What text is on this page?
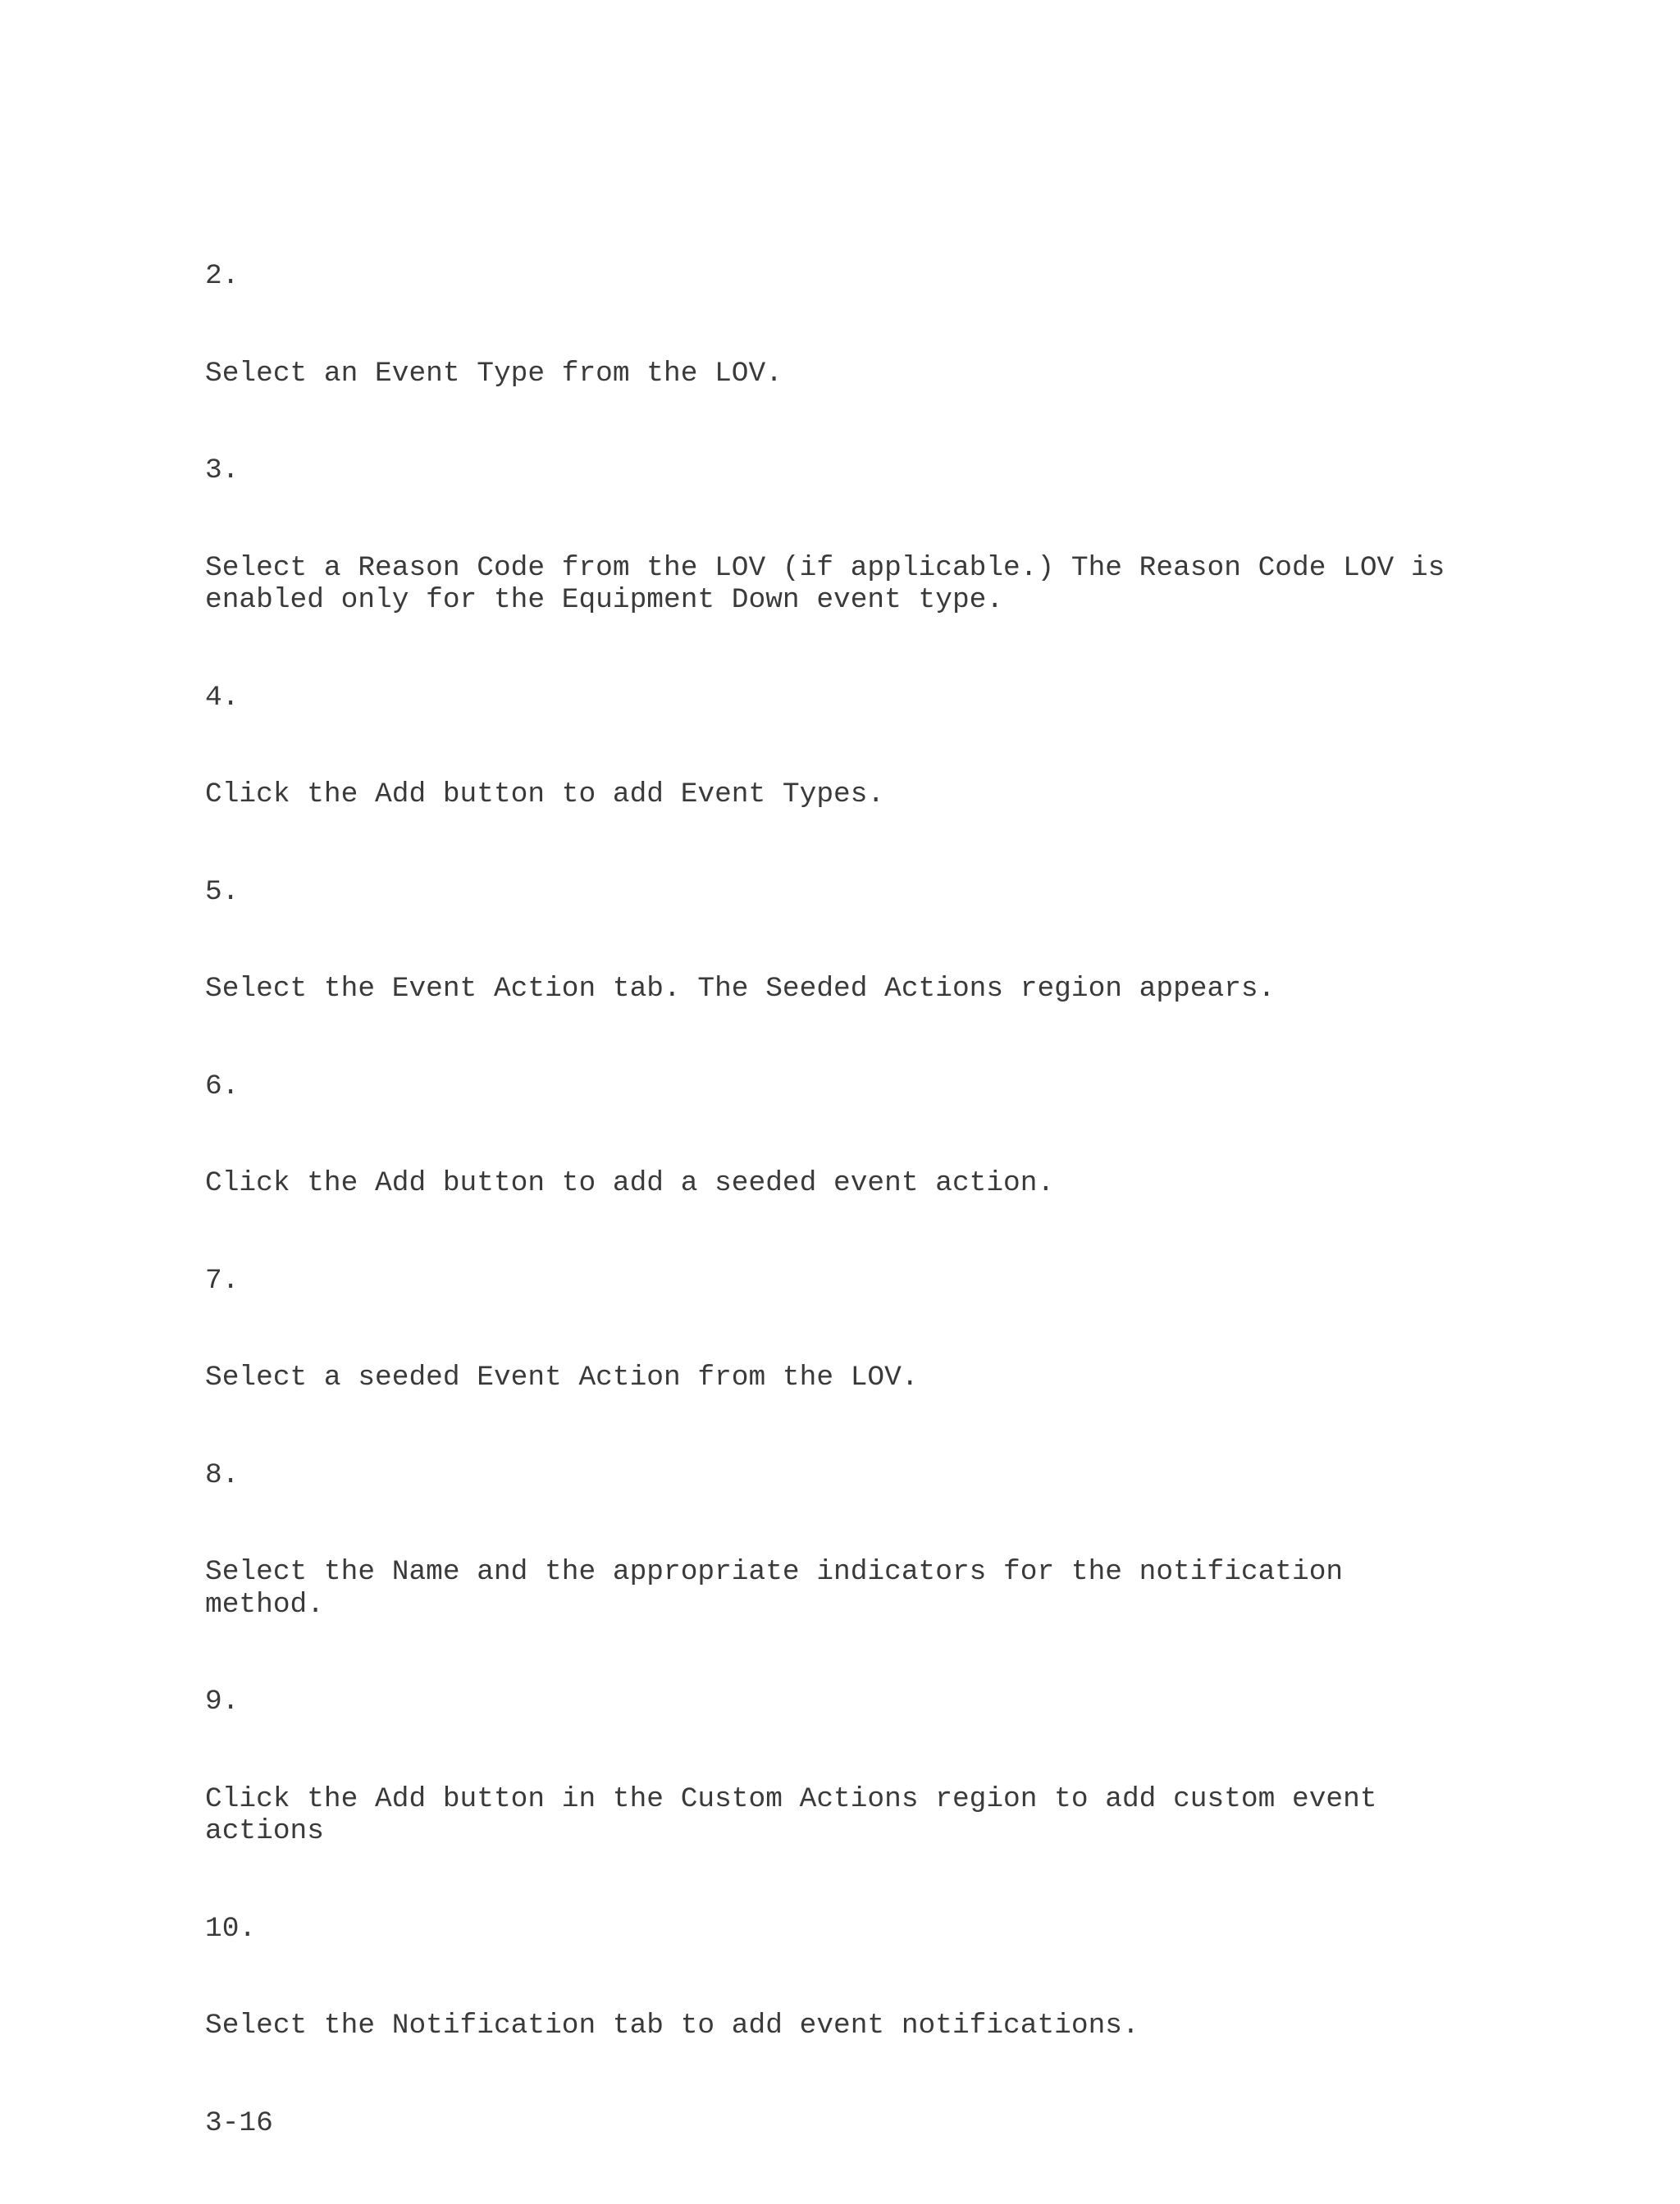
2.

Select an Event Type from the LOV.

3.

Select a Reason Code from the LOV (if applicable.) The Reason Code LOV is
enabled only for the Equipment Down event type.

4.

Click the Add button to add Event Types.

5.

Select the Event Action tab. The Seeded Actions region appears.

6.

Click the Add button to add a seeded event action.

7.

Select a seeded Event Action from the LOV.

8.

Select the Name and the appropriate indicators for the notification
method.

9.

Click the Add button in the Custom Actions region to add custom event
actions

10.

Select the Notification tab to add event notifications.

3-16
